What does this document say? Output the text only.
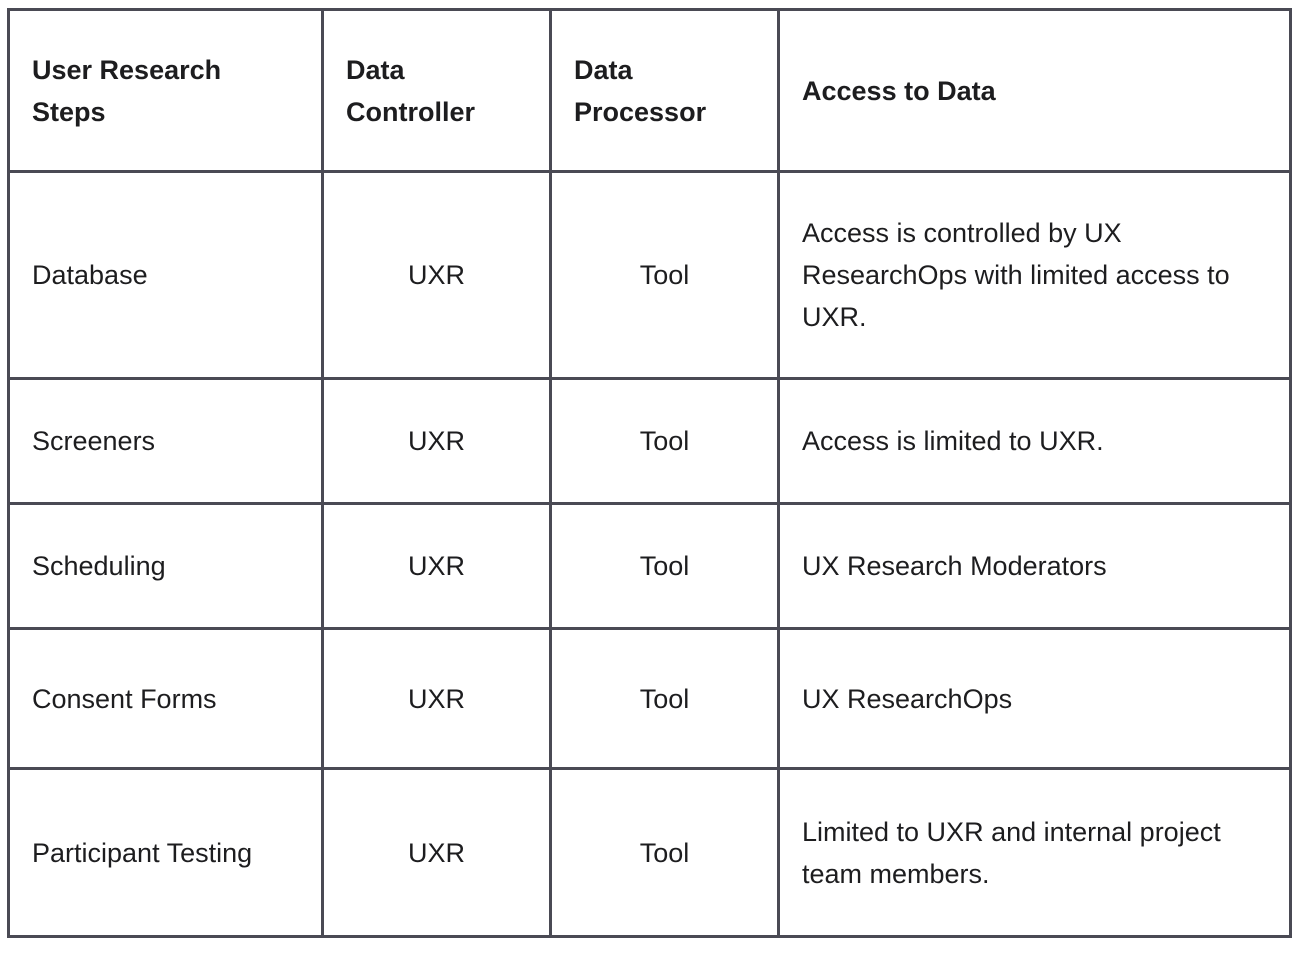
User Research Steps	Data Controller	Data Processor	Access to Data
Database	UXR	Tool	Access is controlled by UX ResearchOps with limited access to UXR.
Screeners	UXR	Tool	Access is limited to UXR.
Scheduling	UXR	Tool	UX Research Moderators
Consent Forms	UXR	Tool	UX ResearchOps
Participant Testing	UXR	Tool	Limited to UXR and internal project team members.
